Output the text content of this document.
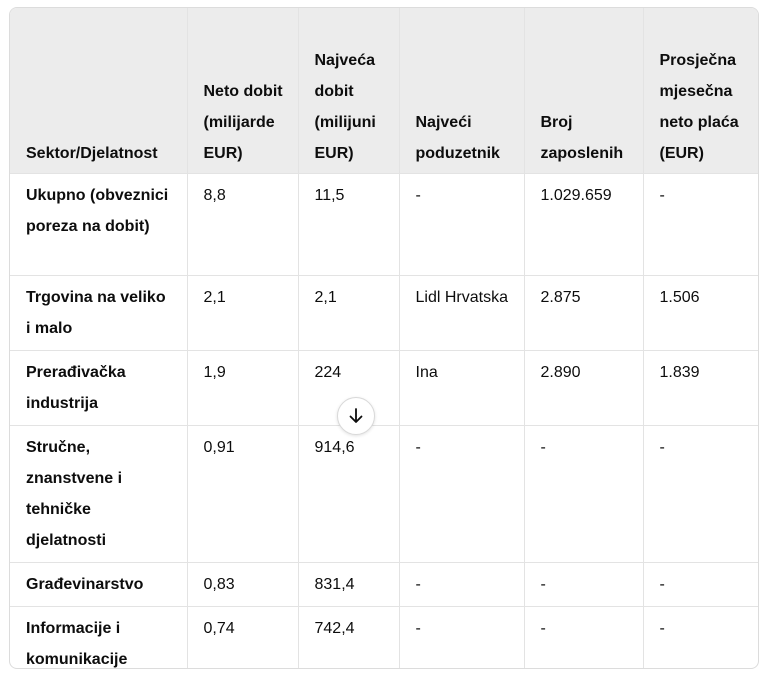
Sektor/Djelatnost	Neto dobit (milijarde EUR)	Najveća dobit (milijuni EUR)	Najveći poduzetnik	Broj zaposlenih	Prosječna mjesečna neto plaća (EUR)
Ukupno (obveznici poreza na dobit)	8,8	11,5	-	1.029.659	-
Trgovina na veliko i malo	2,1	2,1	Lidl Hrvatska	2.875	1.506
Prerađivačka industrija	1,9	224	Ina	2.890	1.839
Stručne, znanstvene i tehničke djelatnosti	0,91	914,6	-	-	-
Građevinarstvo	0,83	831,4	-	-	-
Informacije i komunikacije	0,74	742,4	-	-	-
